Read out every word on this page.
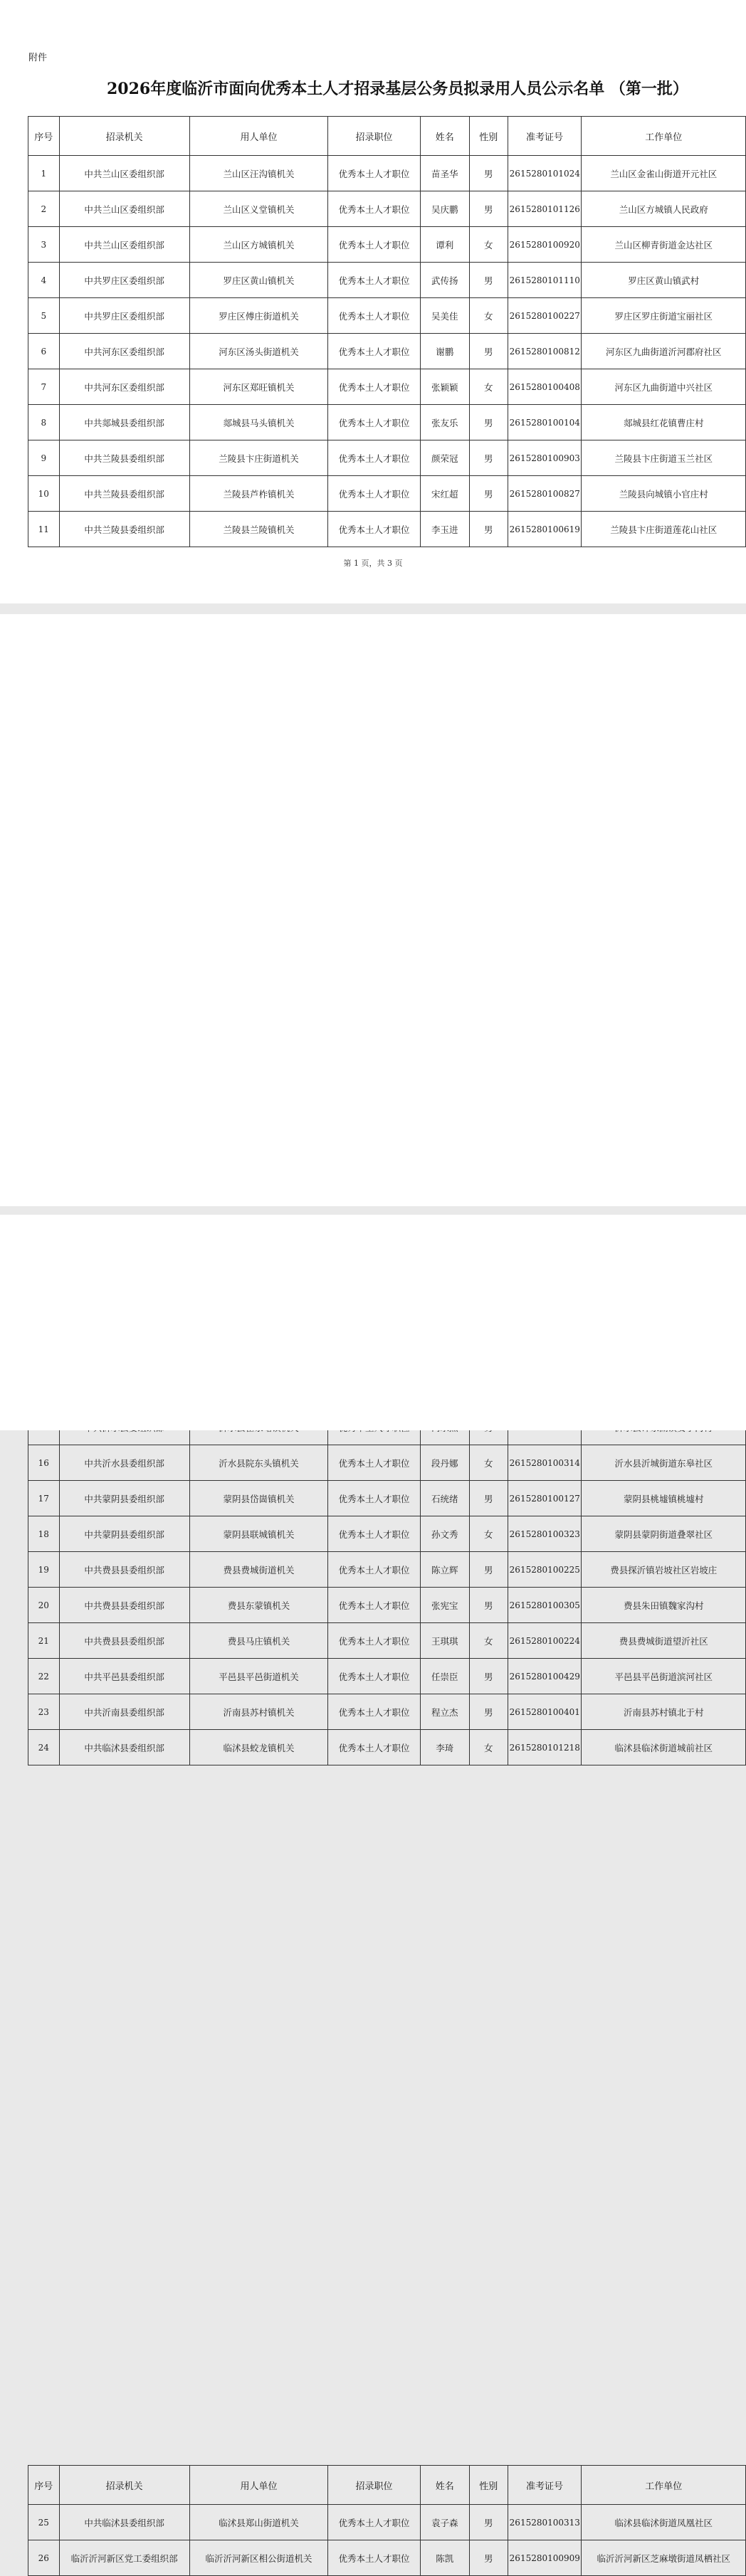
附件
2026年度临沂市面向优秀本土人才招录基层公务员拟录用人员公示名单 （第一批）
序号	招录机关	用人单位	招录职位	姓名	性别	准考证号	工作单位
1	中共兰山区委组织部	兰山区汪沟镇机关	优秀本土人才职位	苗圣华	男	2615280101024	兰山区金雀山街道开元社区
2	中共兰山区委组织部	兰山区义堂镇机关	优秀本土人才职位	吴庆鹏	男	2615280101126	兰山区方城镇人民政府
3	中共兰山区委组织部	兰山区方城镇机关	优秀本土人才职位	谭利	女	2615280100920	兰山区柳青街道金达社区
4	中共罗庄区委组织部	罗庄区黄山镇机关	优秀本土人才职位	武传扬	男	2615280101110	罗庄区黄山镇武村
5	中共罗庄区委组织部	罗庄区傅庄街道机关	优秀本土人才职位	吴美佳	女	2615280100227	罗庄区罗庄街道宝丽社区
6	中共河东区委组织部	河东区汤头街道机关	优秀本土人才职位	谢鹏	男	2615280100812	河东区九曲街道沂河郡府社区
7	中共河东区委组织部	河东区郑旺镇机关	优秀本土人才职位	张颖颖	女	2615280100408	河东区九曲街道中兴社区
8	中共郯城县委组织部	郯城县马头镇机关	优秀本土人才职位	张友乐	男	2615280100104	郯城县红花镇曹庄村
9	中共兰陵县委组织部	兰陵县卞庄街道机关	优秀本土人才职位	颜荣冠	男	2615280100903	兰陵县卞庄街道玉兰社区
10	中共兰陵县委组织部	兰陵县芦柞镇机关	优秀本土人才职位	宋红超	男	2615280100827	兰陵县向城镇小官庄村
11	中共兰陵县委组织部	兰陵县兰陵镇机关	优秀本土人才职位	李玉进	男	2615280100619	兰陵县卞庄街道莲花山社区
第 1 页，共 3 页

16	中共沂水县委组织部	沂水县院东头镇机关	优秀本土人才职位	段丹娜	女	2615280100314	沂水县沂城街道东皋社区
17	中共蒙阴县委组织部	蒙阴县岱崮镇机关	优秀本土人才职位	石统绪	男	2615280100127	蒙阴县桃墟镇桃墟村
18	中共蒙阴县委组织部	蒙阴县联城镇机关	优秀本土人才职位	孙文秀	女	2615280100323	蒙阴县蒙阴街道叠翠社区
19	中共费县县委组织部	费县费城街道机关	优秀本土人才职位	陈立辉	男	2615280100225	费县探沂镇岩坡社区岩坡庄
20	中共费县县委组织部	费县东蒙镇机关	优秀本土人才职位	张宪宝	男	2615280100305	费县朱田镇魏家沟村
21	中共费县县委组织部	费县马庄镇机关	优秀本土人才职位	王琪琪	女	2615280100224	费县费城街道望沂社区
22	中共平邑县委组织部	平邑县平邑街道机关	优秀本土人才职位	任崇臣	男	2615280100429	平邑县平邑街道滨河社区
23	中共沂南县委组织部	沂南县苏村镇机关	优秀本土人才职位	程立杰	男	2615280100401	沂南县苏村镇北于村
24	中共临沭县委组织部	临沭县蛟龙镇机关	优秀本土人才职位	李琦	女	2615280101218	临沭县临沭街道城前社区
序号	招录机关	用人单位	招录职位	姓名	性别	准考证号	工作单位
25	中共临沭县委组织部	临沭县郑山街道机关	优秀本土人才职位	袁子森	男	2615280100313	临沭县临沭街道凤凰社区
26	临沂沂河新区党工委组织部	临沂沂河新区相公街道机关	优秀本土人才职位	陈凯	男	2615280100909	临沂沂河新区芝麻墩街道凤栖社区
